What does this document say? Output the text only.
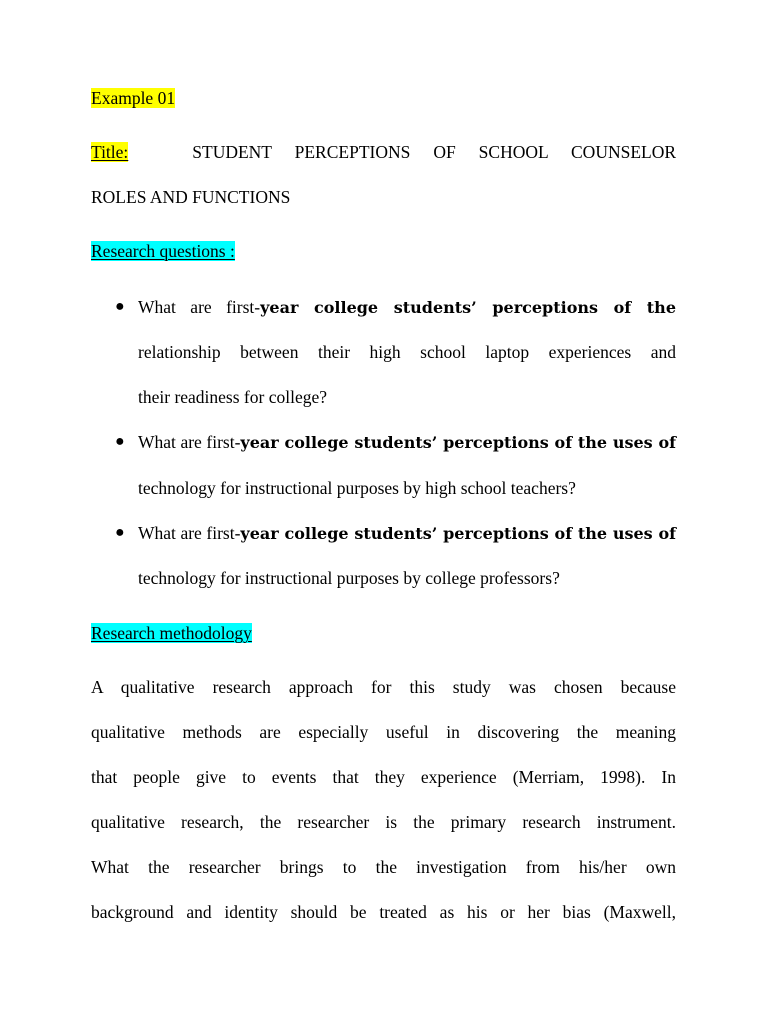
Example 01
Title:	STUDENT PERCEPTIONS OF SCHOOL COUNSELOR
ROLES AND FUNCTIONS
Research questions :
● What are first-year college students’ perceptions of the
relationship between their high school laptop experiences and
their readiness for college?
● What are first-year college students’ perceptions of the uses of
technology for instructional purposes by high school teachers?
● What are first-year college students’ perceptions of the uses of
technology for instructional purposes by college professors?
Research methodology
A qualitative research approach for this study was chosen because
qualitative methods are especially useful in discovering the meaning
that people give to events that they experience (Merriam, 1998). In
qualitative research, the researcher is the primary research instrument.
What the researcher brings to the investigation from his/her own
background and identity should be treated as his or her bias (Maxwell,
